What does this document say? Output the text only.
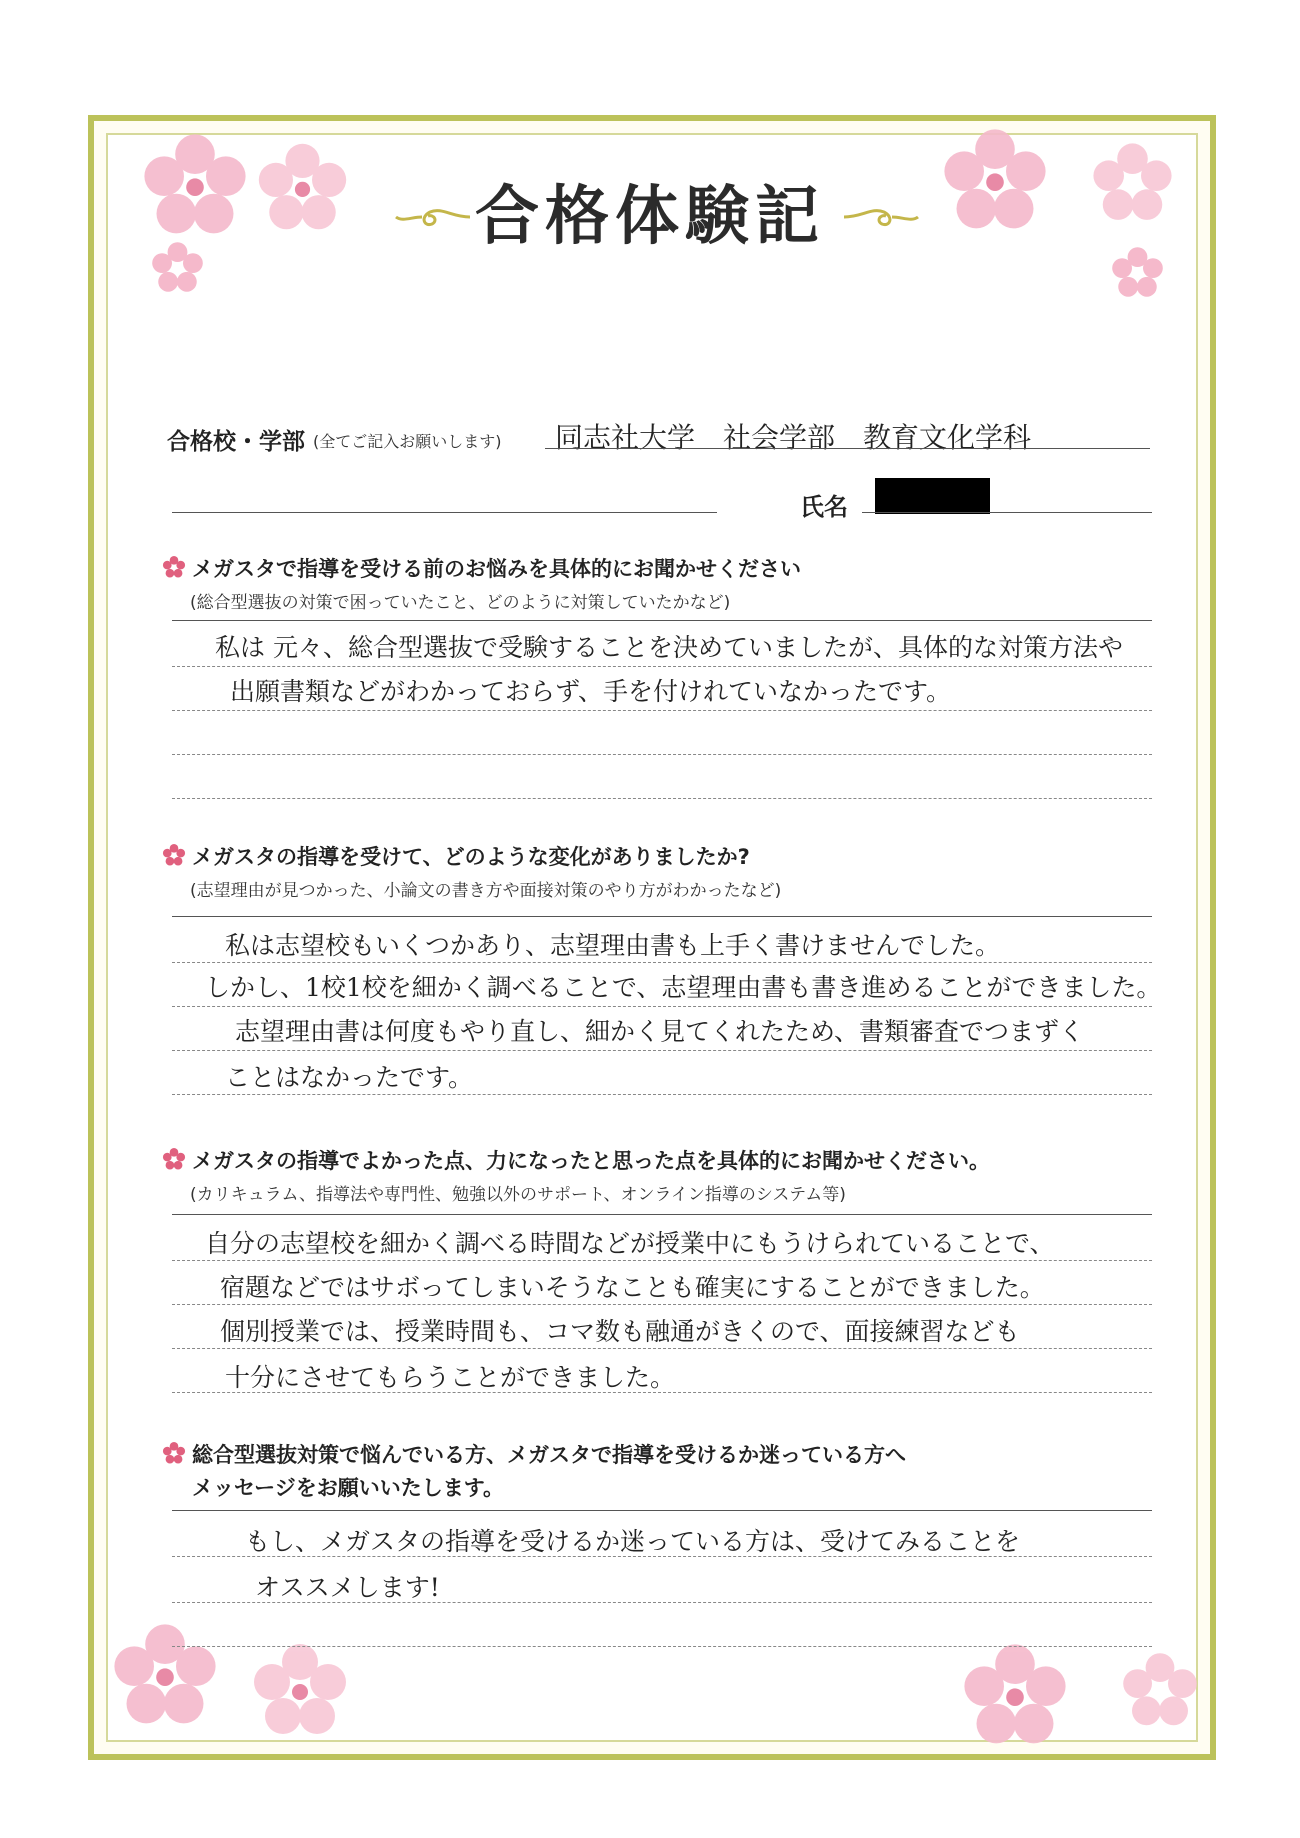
合格体験記
合格校・学部 (全てご記入お願いします) 同志社大学　社会学部　教育文化学科
氏名
メガスタで指導を受ける前のお悩みを具体的にお聞かせください
(総合型選抜の対策で困っていたこと、どのように対策していたかなど)
私は 元々、総合型選抜で受験することを決めていましたが、具体的な対策方法や
出願書類などがわかっておらず、手を付けれていなかったです。
メガスタの指導を受けて、どのような変化がありましたか?
(志望理由が見つかった、小論文の書き方や面接対策のやり方がわかったなど)
私は志望校もいくつかあり、志望理由書も上手く書けませんでした。
しかし、1校1校を細かく調べることで、志望理由書も書き進めることができました。
志望理由書は何度もやり直し、細かく見てくれたため、書類審査でつまずく
ことはなかったです。
メガスタの指導でよかった点、力になったと思った点を具体的にお聞かせください。
(カリキュラム、指導法や専門性、勉強以外のサポート、オンライン指導のシステム等)
自分の志望校を細かく調べる時間などが授業中にもうけられていることで、
宿題などではサボってしまいそうなことも確実にすることができました。
個別授業では、授業時間も、コマ数も融通がきくので、面接練習なども
十分にさせてもらうことができました。
総合型選抜対策で悩んでいる方、メガスタで指導を受けるか迷っている方へ
メッセージをお願いいたします。
もし、メガスタの指導を受けるか迷っている方は、受けてみることを
オススメします!
